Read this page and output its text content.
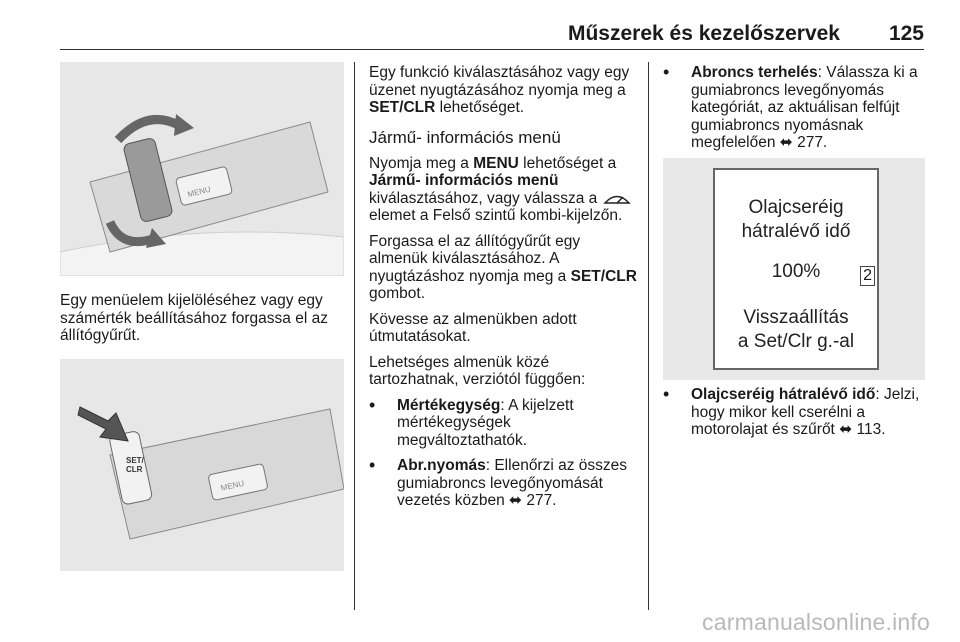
Műszerek és kezelőszervek 125
MENU

Egy menüelem kijelöléséhez vagy egy számérték beállításához forgassa el az állítógyűrűt.

SET/
CLR
MENU

Egy funkció kiválasztásához vagy egy üzenet nyugtázásához nyomja meg a SET/CLR lehetőséget.

Jármű- információs menü

Nyomja meg a MENU lehetőséget a Jármű- információs menü kiválasztásához, vagy válassza a  elemet a Felső szintű kombi-kijelzőn.

Forgassa el az állítógyűrűt egy almenük kiválasztásához. A nyugtázáshoz nyomja meg a SET/CLR gombot.

Kövesse az almenükben adott útmutatásokat.

Lehetséges almenük közé tartozhatnak, verziótól függően:

• Mértékegység: A kijelzett mértékegységek megváltoztathatók.

• Abr.nyomás: Ellenőrzi az összes gumiabroncs levegőnyomását vezetés közben ⬌ 277.

• Abroncs terhelés: Válassza ki a gumiabroncs levegőnyomás kategóriát, az aktuálisan felfújt gumiabroncs nyomásnak megfelelően ⬌ 277.

Olajcseréig
hátralévő idő
100%
Visszaállítás
a Set/Clr g.-al
2

• Olajcseréig hátralévő idő: Jelzi, hogy mikor kell cserélni a motorolajat és szűrőt ⬌ 113.

carmanualsonline.info
